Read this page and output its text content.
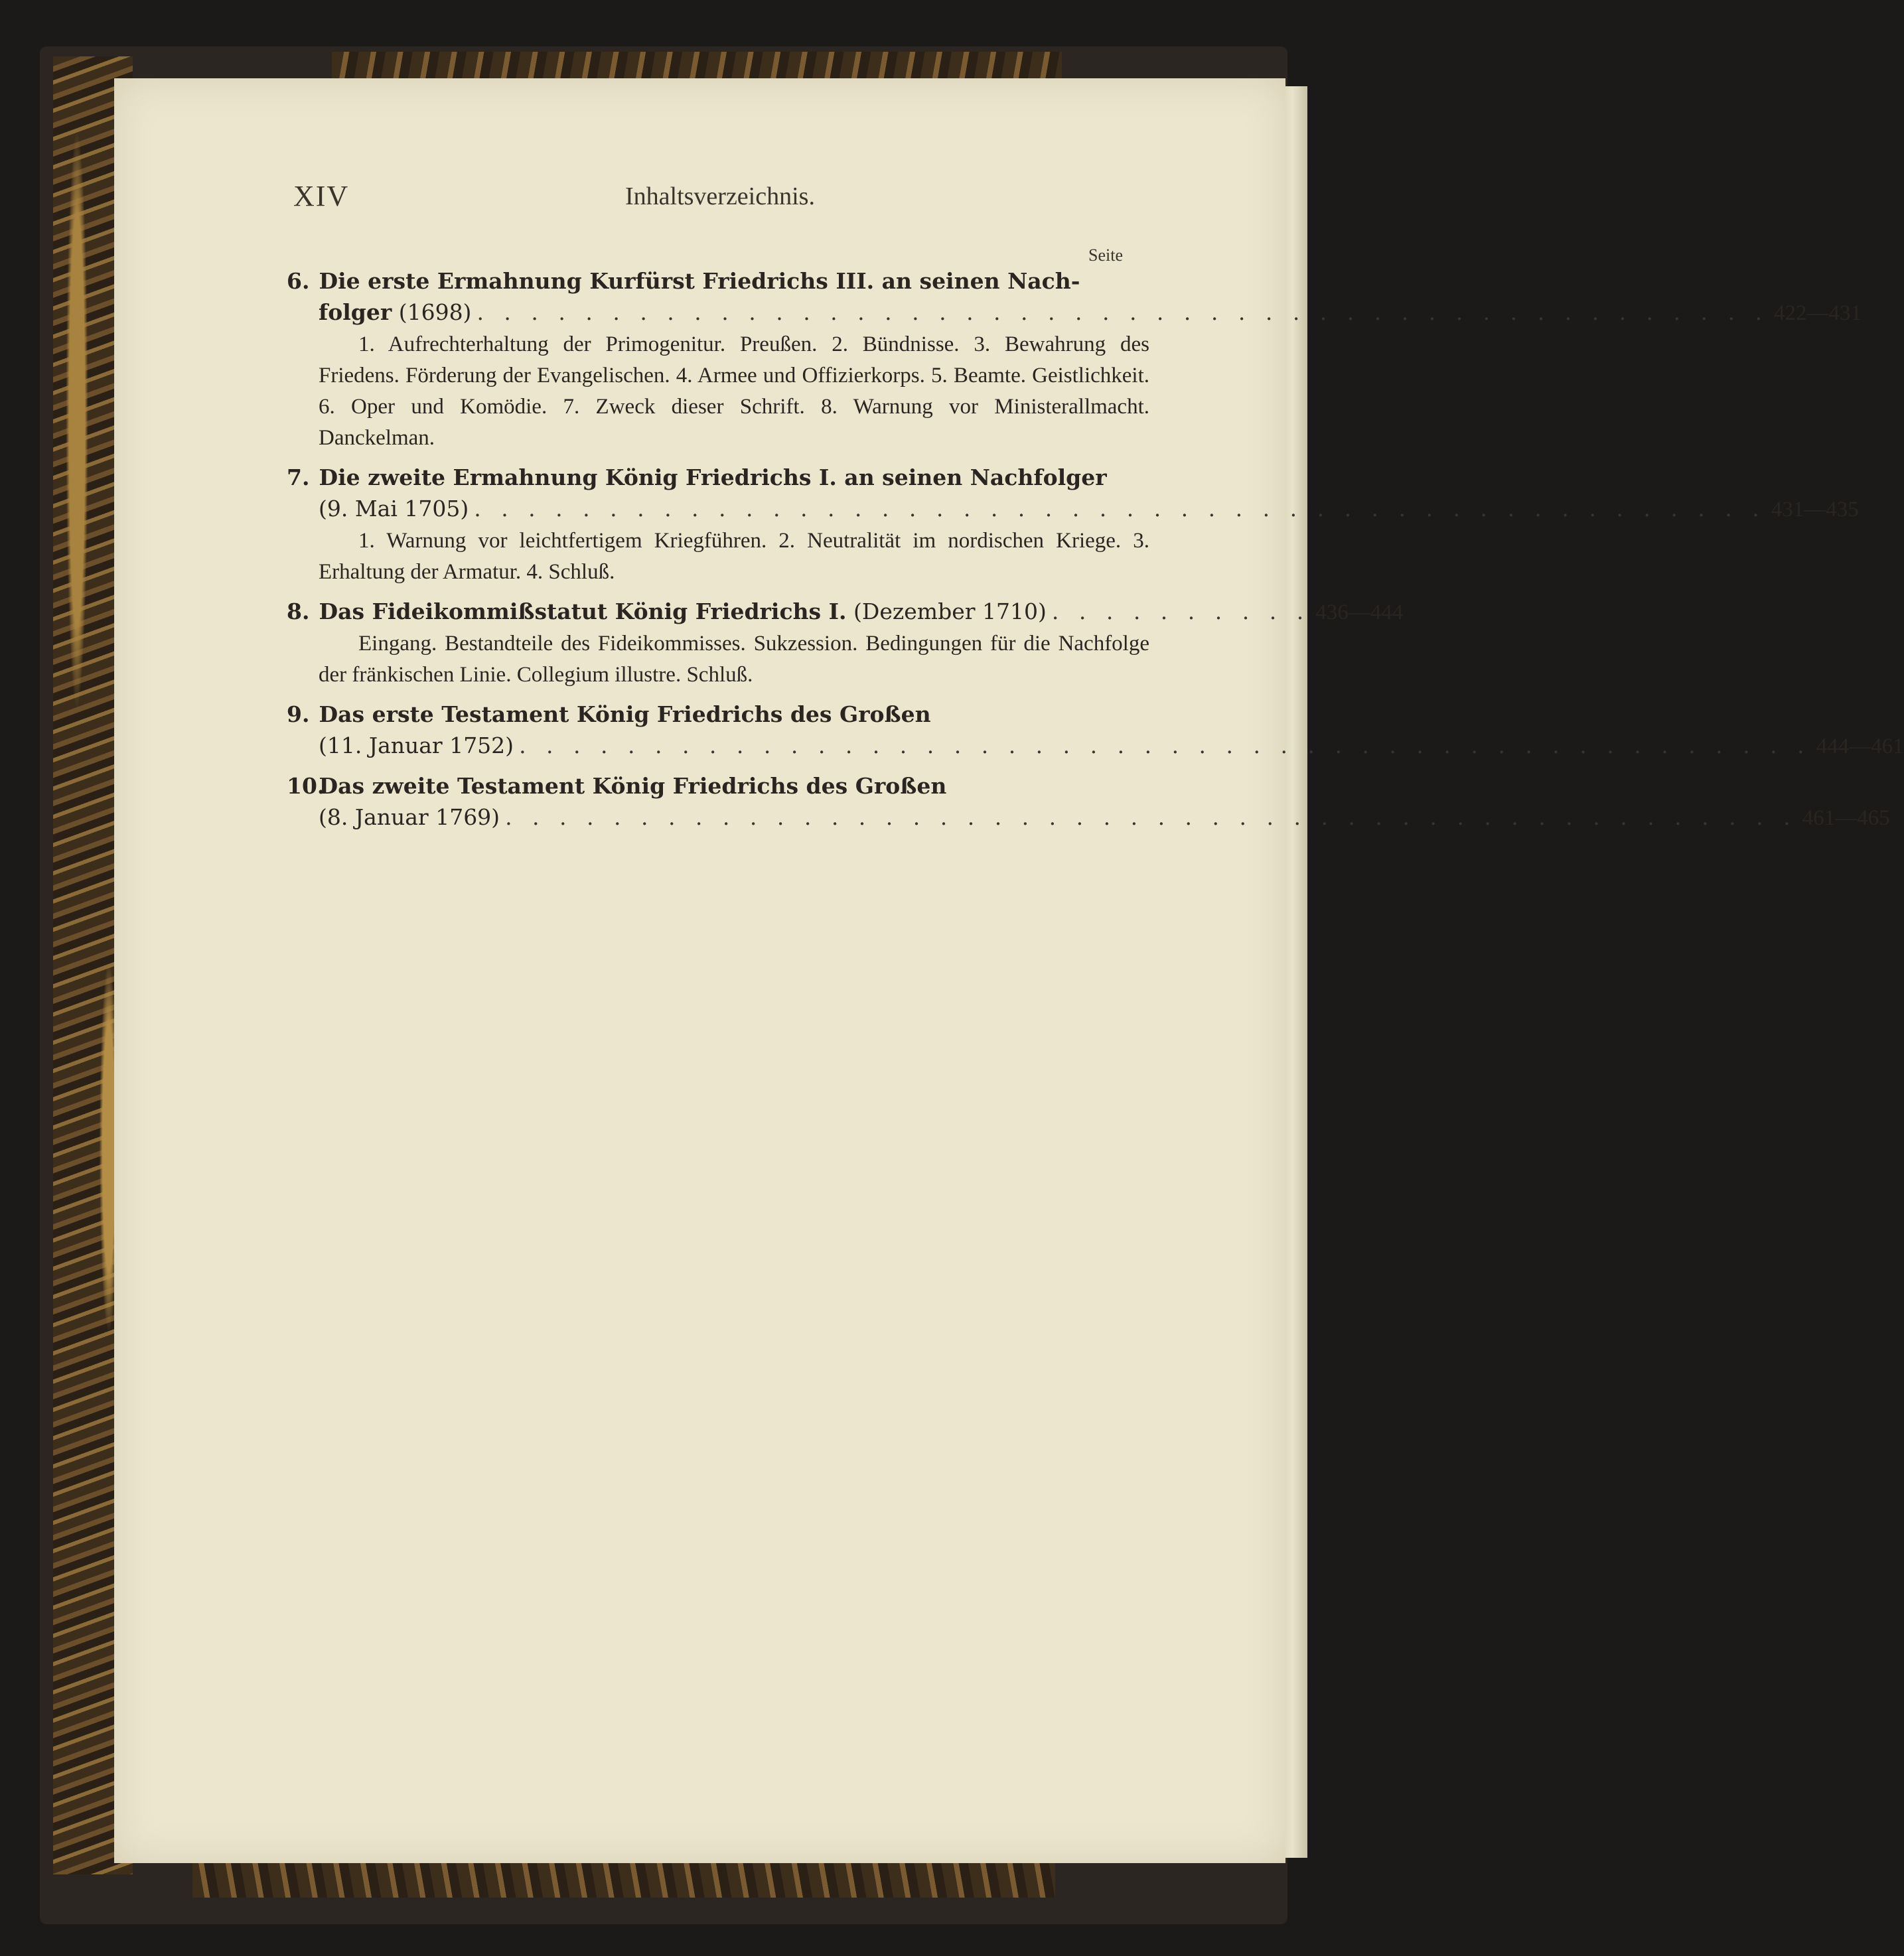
XIV	Inhaltsverzeichnis.
Seite
6. Die erste Ermahnung Kurfürst Friedrichs III. an seinen Nach-
folger (1698) . . . . . . . . . . . . . . . . . . . . . . . . . . . . . . . . . . . . . . . . . . . . . . . . 422—431
1. Aufrechterhaltung der Primogenitur. Preußen. 2. Bündnisse. 3. Bewahrung des Friedens. Förderung der Evangelischen. 4. Armee und Offizierkorps. 5. Beamte. Geistlichkeit. 6. Oper und Komödie. 7. Zweck dieser Schrift. 8. Warnung vor Ministerallmacht. Danckelman.
7. Die zweite Ermahnung König Friedrichs I. an seinen Nachfolger
(9. Mai 1705) . . . . . . . . . . . . . . . . . . . . . . . . . . . . . . . . . . . . . . . . . . . . . . . . 431—435
1. Warnung vor leichtfertigem Kriegführen. 2. Neutralität im nordischen Kriege. 3. Erhaltung der Armatur. 4. Schluß.
8. Das Fideikommißstatut König Friedrichs I. (Dezember 1710) . . . . . . . . . . 436—444
Eingang. Bestandteile des Fideikommisses. Sukzession. Bedingungen für die Nachfolge der fränkischen Linie. Collegium illustre. Schluß.
9. Das erste Testament König Friedrichs des Großen
(11. Januar 1752) . . . . . . . . . . . . . . . . . . . . . . . . . . . . . . . . . . . . . . . . . . . . . . . . 444—461
10. Das zweite Testament König Friedrichs des Großen
(8. Januar 1769) . . . . . . . . . . . . . . . . . . . . . . . . . . . . . . . . . . . . . . . . . . . . . . . . 461—465
